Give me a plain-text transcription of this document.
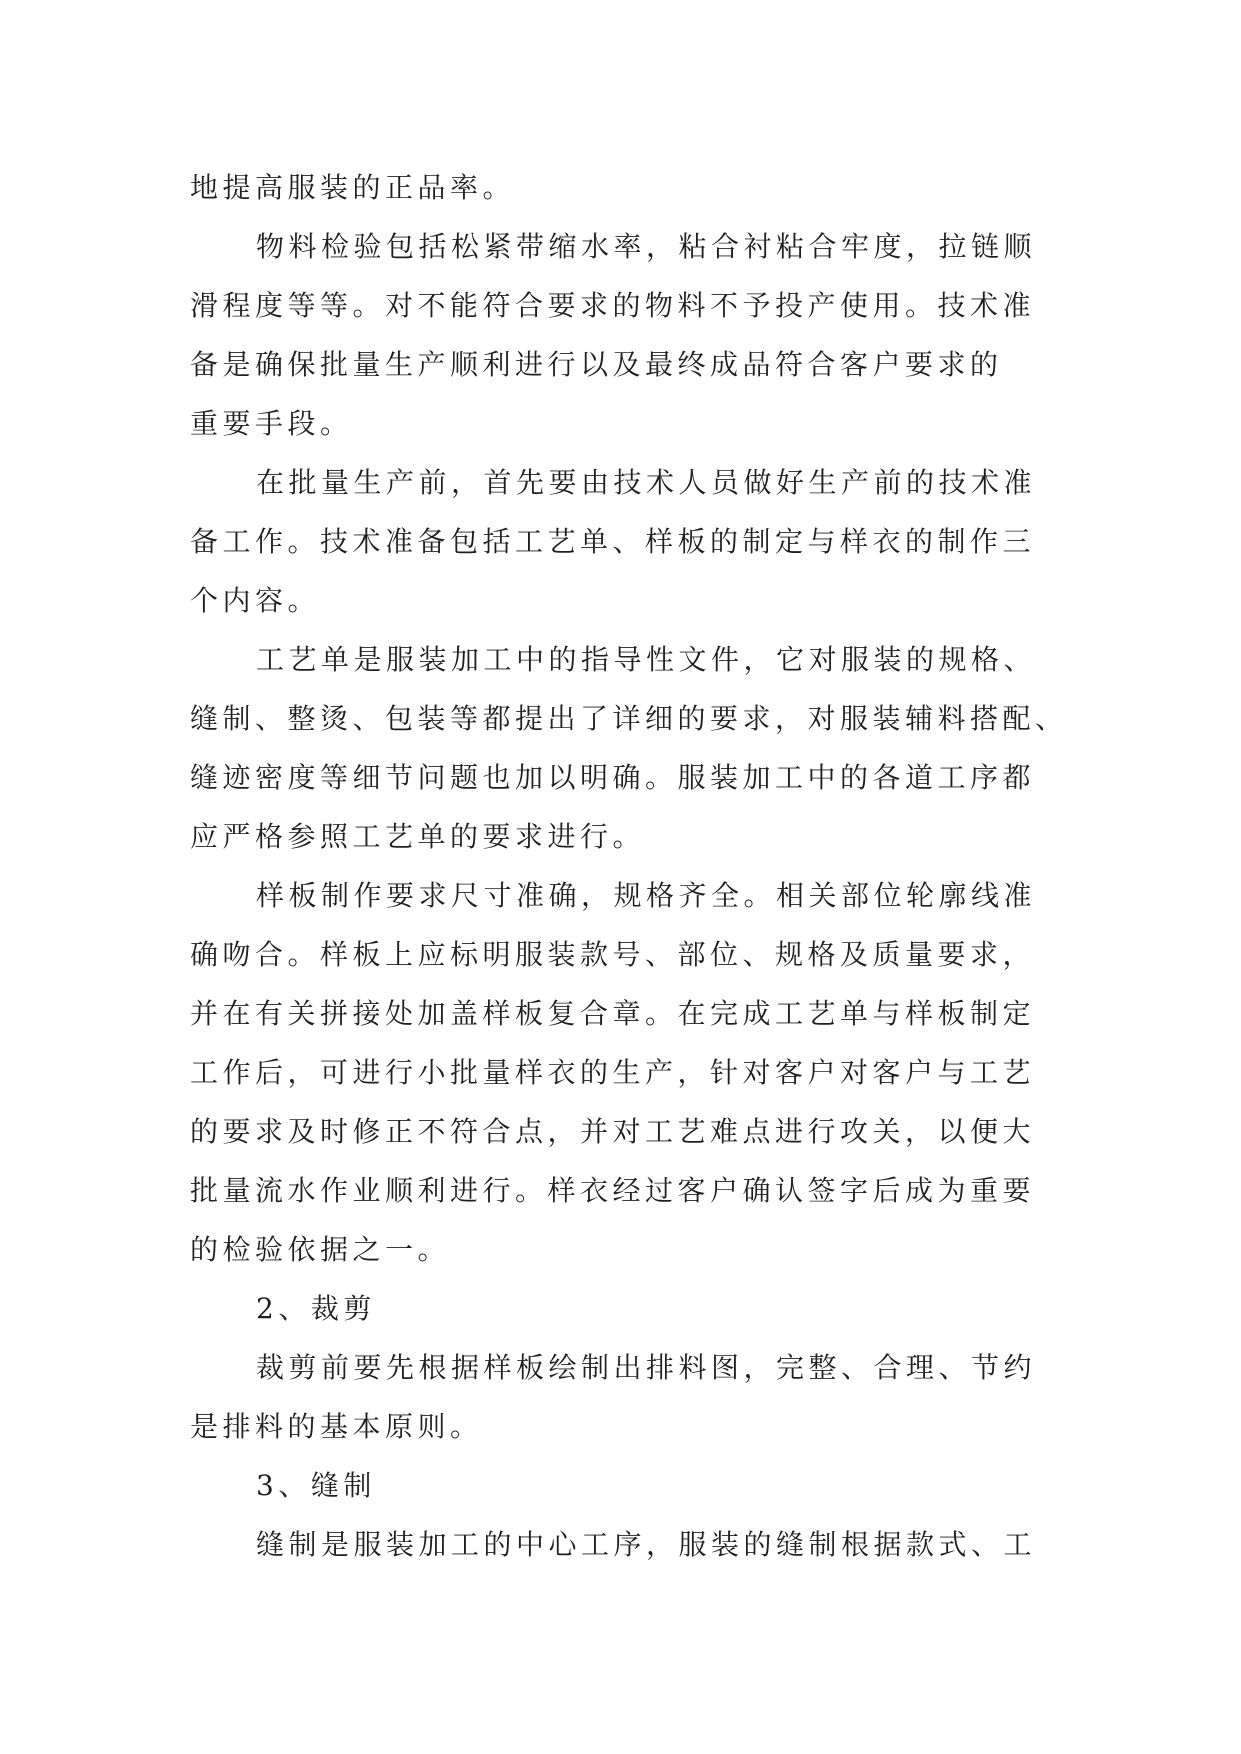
地提高服装的正品率。
物料检验包括松紧带缩水率，粘合衬粘合牢度，拉链顺
滑程度等等。对不能符合要求的物料不予投产使用。技术准
备是确保批量生产顺利进行以及最终成品符合客户要求的
重要手段。
在批量生产前，首先要由技术人员做好生产前的技术准
备工作。技术准备包括工艺单、样板的制定与样衣的制作三
个内容。
工艺单是服装加工中的指导性文件，它对服装的规格、
缝制、整烫、包装等都提出了详细的要求，对服装辅料搭配、
缝迹密度等细节问题也加以明确。服装加工中的各道工序都
应严格参照工艺单的要求进行。
样板制作要求尺寸准确，规格齐全。相关部位轮廓线准
确吻合。样板上应标明服装款号、部位、规格及质量要求，
并在有关拼接处加盖样板复合章。在完成工艺单与样板制定
工作后，可进行小批量样衣的生产，针对客户对客户与工艺
的要求及时修正不符合点，并对工艺难点进行攻关，以便大
批量流水作业顺利进行。样衣经过客户确认签字后成为重要
的检验依据之一。
2、裁剪
裁剪前要先根据样板绘制出排料图，完整、合理、节约
是排料的基本原则。
3、缝制
缝制是服装加工的中心工序，服装的缝制根据款式、工
